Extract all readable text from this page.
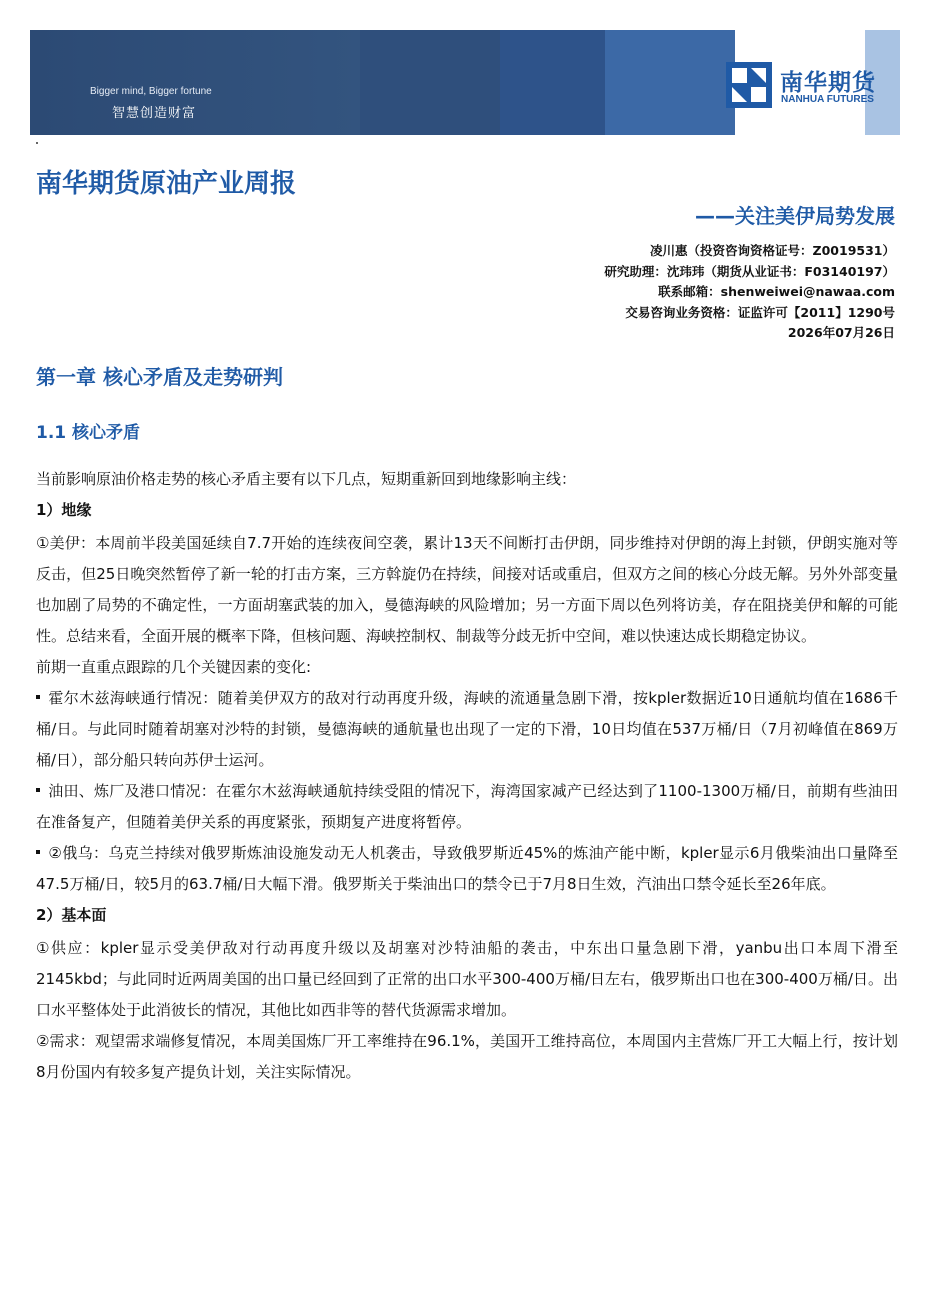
Bigger mind, Bigger fortune
智慧创造财富
南华期货
NANHUA FUTURES
南华期货原油产业周报
——关注美伊局势发展
凌川惠（投资咨询资格证号：Z0019531）
研究助理：沈玮玮（期货从业证书：F03140197）
联系邮箱：shenweiwei@nawaa.com
交易咨询业务资格：证监许可【2011】1290号
2026年07月26日
第一章 核心矛盾及走势研判
1.1 核心矛盾

当前影响原油价格走势的核心矛盾主要有以下几点，短期重新回到地缘影响主线：

1）地缘

①美伊：本周前半段美国延续自7.7开始的连续夜间空袭，累计13天不间断打击伊朗，同步维持对伊朗的海上封锁，伊朗实施对等反击，但25日晚突然暂停了新一轮的打击方案，三方斡旋仍在持续，间接对话或重启，但双方之间的核心分歧无解。另外外部变量也加剧了局势的不确定性，一方面胡塞武装的加入，曼德海峡的风险增加；另一方面下周以色列将访美，存在阻挠美伊和解的可能性。总结来看，全面开展的概率下降，但核问题、海峡控制权、制裁等分歧无折中空间，难以快速达成长期稳定协议。

前期一直重点跟踪的几个关键因素的变化:

霍尔木兹海峡通行情况：随着美伊双方的敌对行动再度升级，海峡的流通量急剧下滑，按kpler数据近10日通航均值在1686千桶/日。与此同时随着胡塞对沙特的封锁，曼德海峡的通航量也出现了一定的下滑，10日均值在537万桶/日（7月初峰值在869万桶/日），部分船只转向苏伊士运河。

油田、炼厂及港口情况：在霍尔木兹海峡通航持续受阻的情况下，海湾国家减产已经达到了1100-1300万桶/日，前期有些油田在准备复产，但随着美伊关系的再度紧张，预期复产进度将暂停。

②俄乌：乌克兰持续对俄罗斯炼油设施发动无人机袭击，导致俄罗斯近45%的炼油产能中断，kpler显示6月俄柴油出口量降至47.5万桶/日，较5月的63.7桶/日大幅下滑。俄罗斯关于柴油出口的禁令已于7月8日生效，汽油出口禁令延长至26年底。

2）基本面

①供应：kpler显示受美伊敌对行动再度升级以及胡塞对沙特油船的袭击，中东出口量急剧下滑，yanbu出口本周下滑至2145kbd；与此同时近两周美国的出口量已经回到了正常的出口水平300-400万桶/日左右，俄罗斯出口也在300-400万桶/日。出口水平整体处于此消彼长的情况，其他比如西非等的替代货源需求增加。

②需求：观望需求端修复情况，本周美国炼厂开工率维持在96.1%，美国开工维持高位，本周国内主营炼厂开工大幅上行，按计划8月份国内有较多复产提负计划，关注实际情况。
